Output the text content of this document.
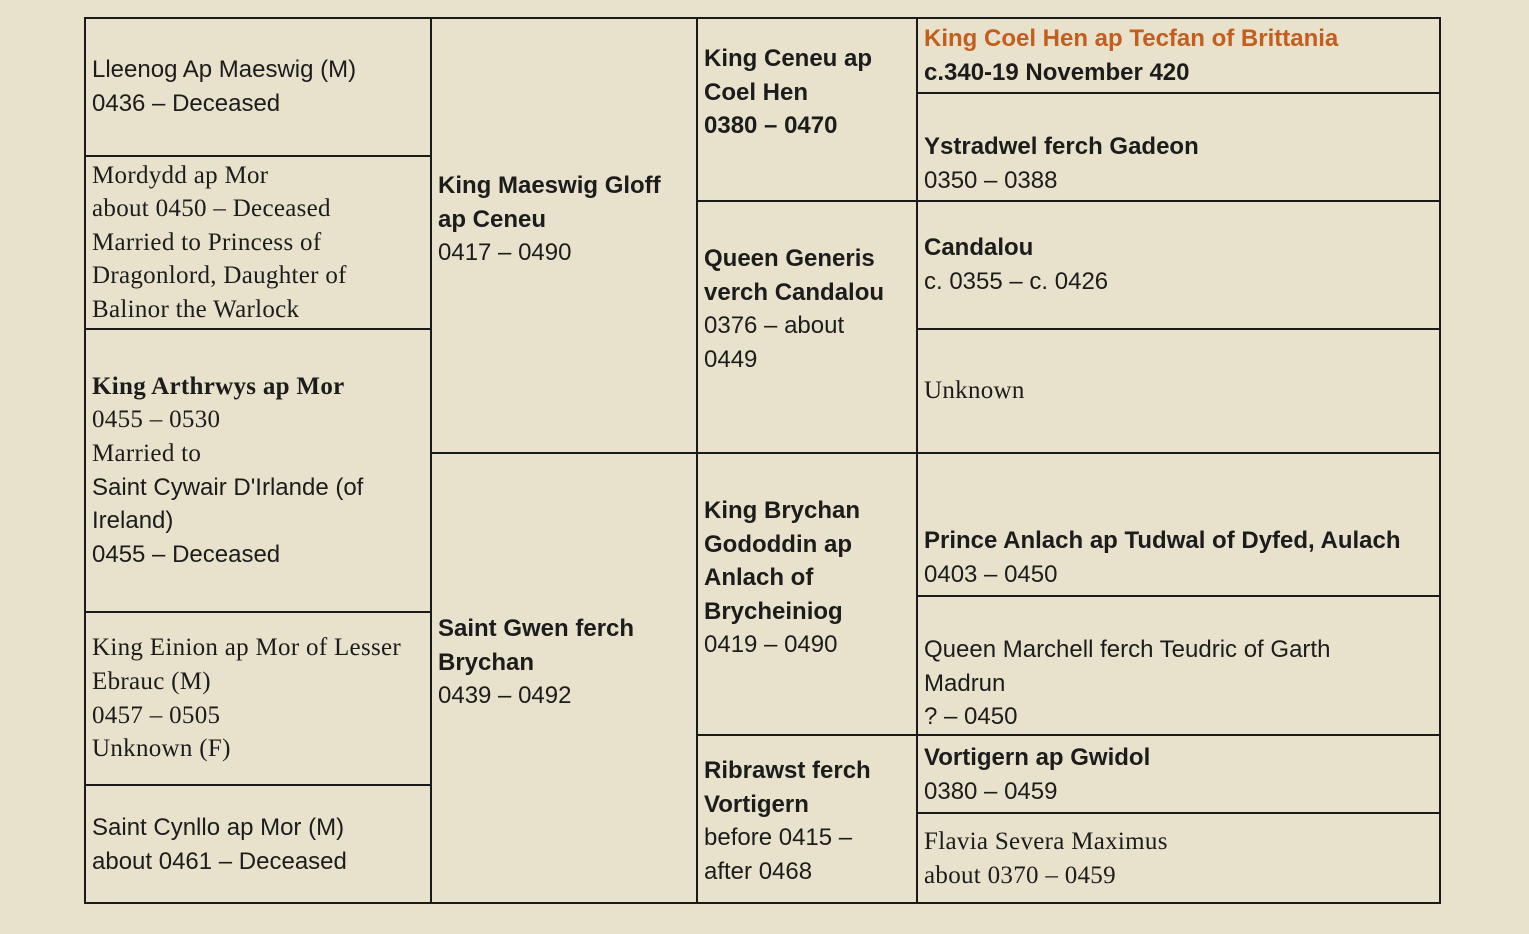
Lleenog Ap Maeswig (M)
0436 – Deceased
Mordydd ap Mor
about 0450 – Deceased
Married to Princess of
Dragonlord, Daughter of
Balinor the Warlock
King Arthrwys ap Mor
0455 – 0530
Married to
Saint Cywair D'Irlande (of
Ireland)
0455 – Deceased
King Einion ap Mor of Lesser
Ebrauc (M)
0457 – 0505
Unknown (F)
Saint Cynllo ap Mor (M)
about 0461 – Deceased
King Maeswig Gloff
ap Ceneu
0417 – 0490
Saint Gwen ferch
Brychan
0439 – 0492
King Ceneu ap
Coel Hen
0380 – 0470
Queen Generis
verch Candalou
0376 – about
0449
King Brychan
Gododdin ap
Anlach of
Brycheiniog
0419 – 0490
Ribrawst ferch
Vortigern
before 0415 –
after 0468
King Coel Hen ap Tecfan of Brittania
c.340-19 November 420
Ystradwel ferch Gadeon
0350 – 0388
Candalou
c. 0355 – c. 0426
Unknown
Prince Anlach ap Tudwal of Dyfed, Aulach
0403 – 0450
Queen Marchell ferch Teudric of Garth
Madrun
? – 0450
Vortigern ap Gwidol
0380 – 0459
Flavia Severa Maximus
about 0370 – 0459
